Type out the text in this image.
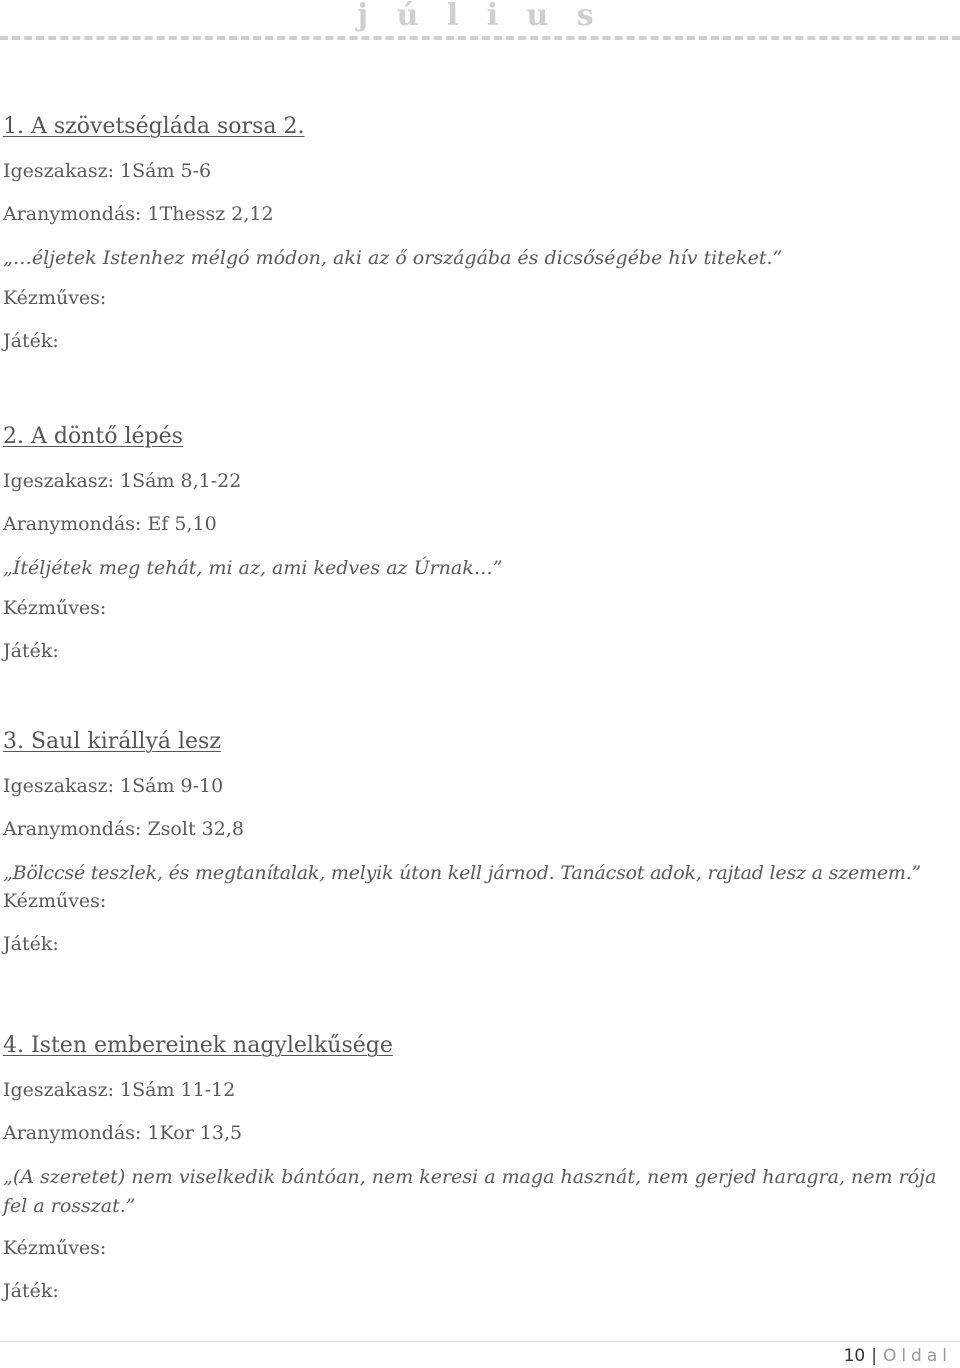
j ú l i u s
1. A szövetségláda sorsa 2.
Igeszakasz: 1Sám 5-6
Aranymondás: 1Thessz 2,12
„…éljetek Istenhez mélgó módon, aki az ő országába és dicsőségébe hív titeket.”
Kézműves:
Játék:
2. A döntő lépés
Igeszakasz: 1Sám 8,1-22
Aranymondás: Ef 5,10
„Ítéljétek meg tehát, mi az, ami kedves az Úrnak…”
Kézműves:
Játék:
3. Saul királlyá lesz
Igeszakasz: 1Sám 9-10
Aranymondás: Zsolt 32,8
„Bölccsé teszlek, és megtanítalak, melyik úton kell járnod. Tanácsot adok, rajtad lesz a szemem.”
Kézműves:
Játék:
4. Isten embereinek nagylelkűsége
Igeszakasz: 1Sám 11-12
Aranymondás: 1Kor 13,5
„(A szeretet) nem viselkedik bántóan, nem keresi a maga hasznát, nem gerjed haragra, nem rója fel a rosszat.”
Kézműves:
Játék:
10 | Oldal
